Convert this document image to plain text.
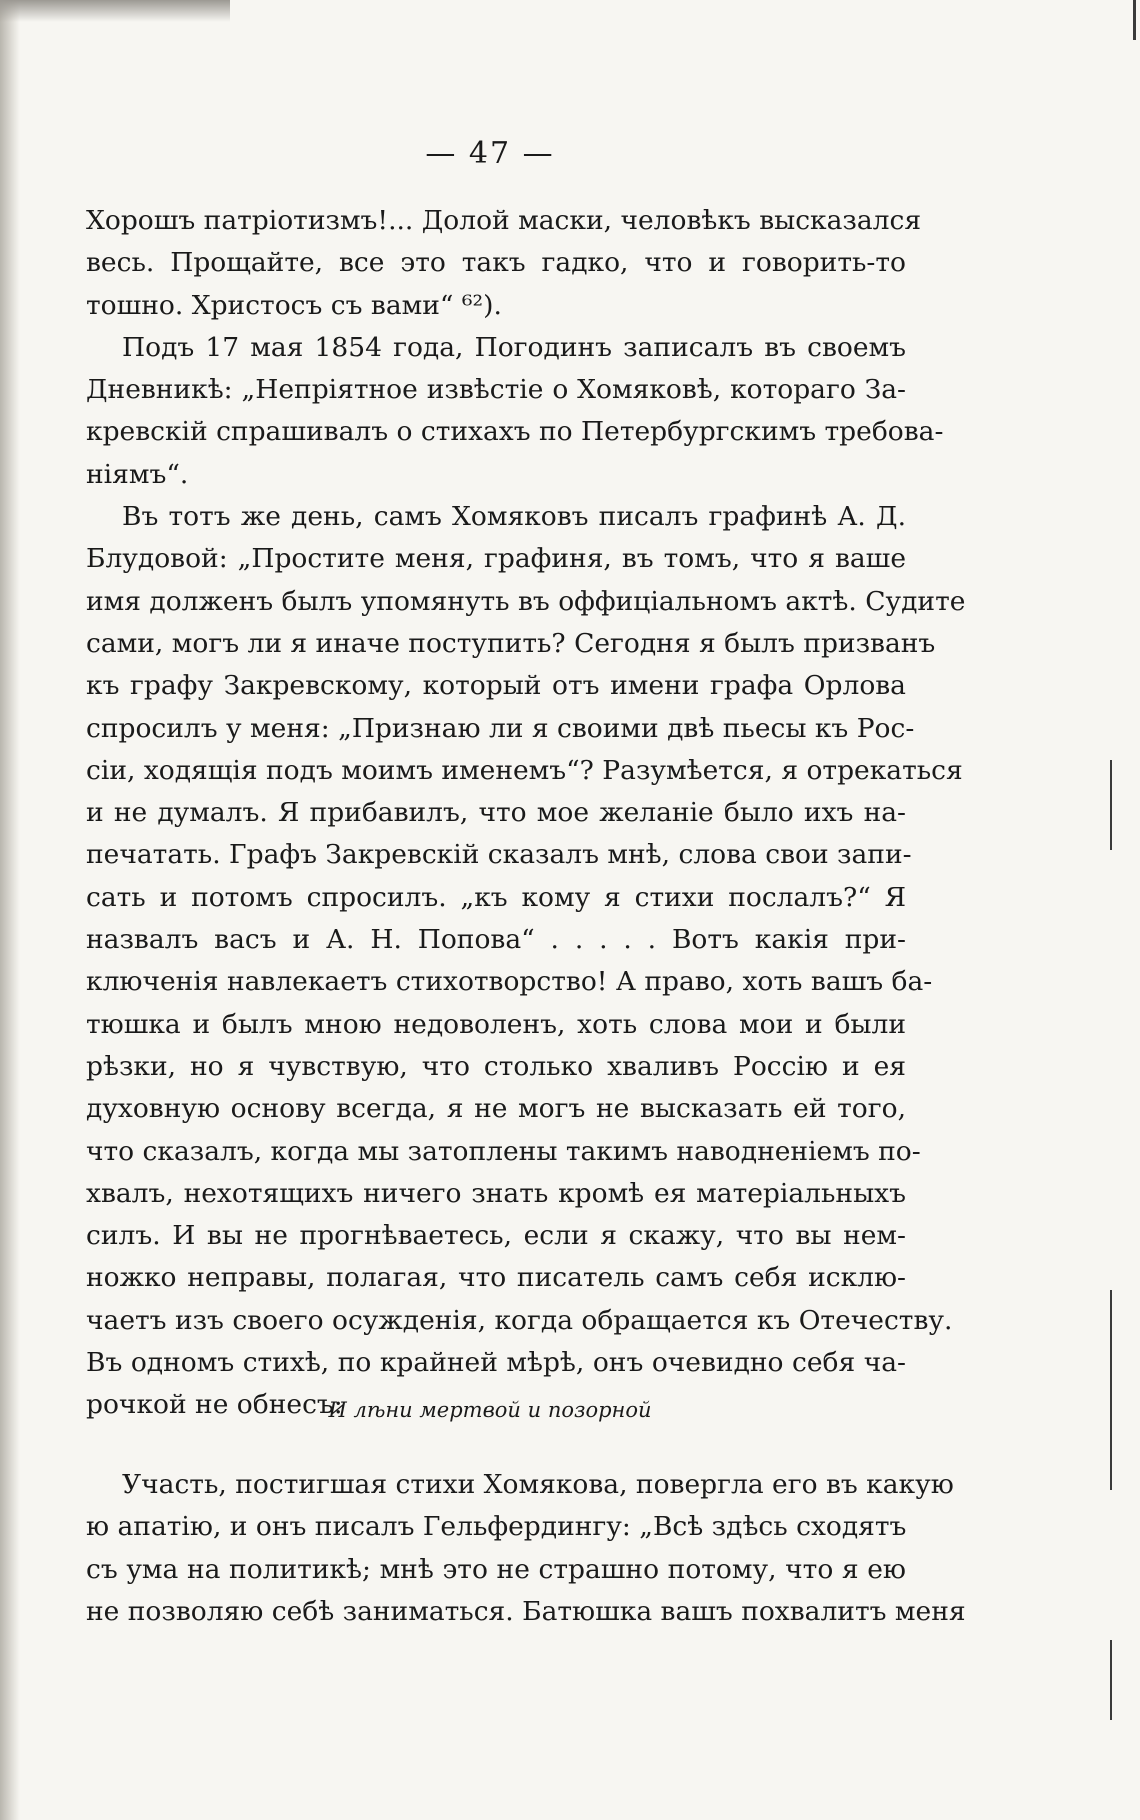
— 47 —
Хорошъ патріотизмъ!... Долой маски, человѣкъ высказался
весь. Прощайте, все это такъ гадко, что и говорить-то
тошно. Христосъ съ вами“ ⁶²).
Подъ 17 мая 1854 года, Погодинъ записалъ въ своемъ
Дневникѣ: „Непріятное извѣстіе о Хомяковѣ, котораго За-
кревскій спрашивалъ о стихахъ по Петербургскимъ требова-
ніямъ“.
Въ тотъ же день, самъ Хомяковъ писалъ графинѣ А. Д.
Блудовой: „Простите меня, графиня, въ томъ, что я ваше
имя долженъ былъ упомянуть въ оффиціальномъ актѣ. Судите
сами, могъ ли я иначе поступить? Сегодня я былъ призванъ
къ графу Закревскому, который отъ имени графа Орлова
спросилъ у меня: „Признаю ли я своими двѣ пьесы къ Рос-
сіи, ходящія подъ моимъ именемъ“? Разумѣется, я отрекаться
и не думалъ. Я прибавилъ, что мое желаніе было ихъ на-
печатать. Графъ Закревскій сказалъ мнѣ, слова свои запи-
сать и потомъ спросилъ. „къ кому я стихи послалъ?“ Я
назвалъ васъ и А. Н. Попова“ . . . . . Вотъ какія при-
ключенія навлекаетъ стихотворство! А право, хоть вашъ ба-
тюшка и былъ мною недоволенъ, хоть слова мои и были
рѣзки, но я чувствую, что столько хваливъ Россію и ея
духовную основу всегда, я не могъ не высказать ей того,
что сказалъ, когда мы затоплены такимъ наводненіемъ по-
хвалъ, нехотящихъ ничего знать кромѣ ея матеріальныхъ
силъ. И вы не прогнѣваетесь, если я скажу, что вы нем-
ножко неправы, полагая, что писатель самъ себя исклю-
чаетъ изъ своего осужденія, когда обращается къ Отечеству.
Въ одномъ стихѣ, по крайней мѣрѣ, онъ очевидно себя ча-
рочкой не обнесъ:
И лѣни мертвой и позорной
Участь, постигшая стихи Хомякова, повергла его въ какую
ю апатію, и онъ писалъ Гельфердингу: „Всѣ здѣсь сходятъ
съ ума на политикѣ; мнѣ это не страшно потому, что я ею
не позволяю себѣ заниматься. Батюшка вашъ похвалитъ меня
